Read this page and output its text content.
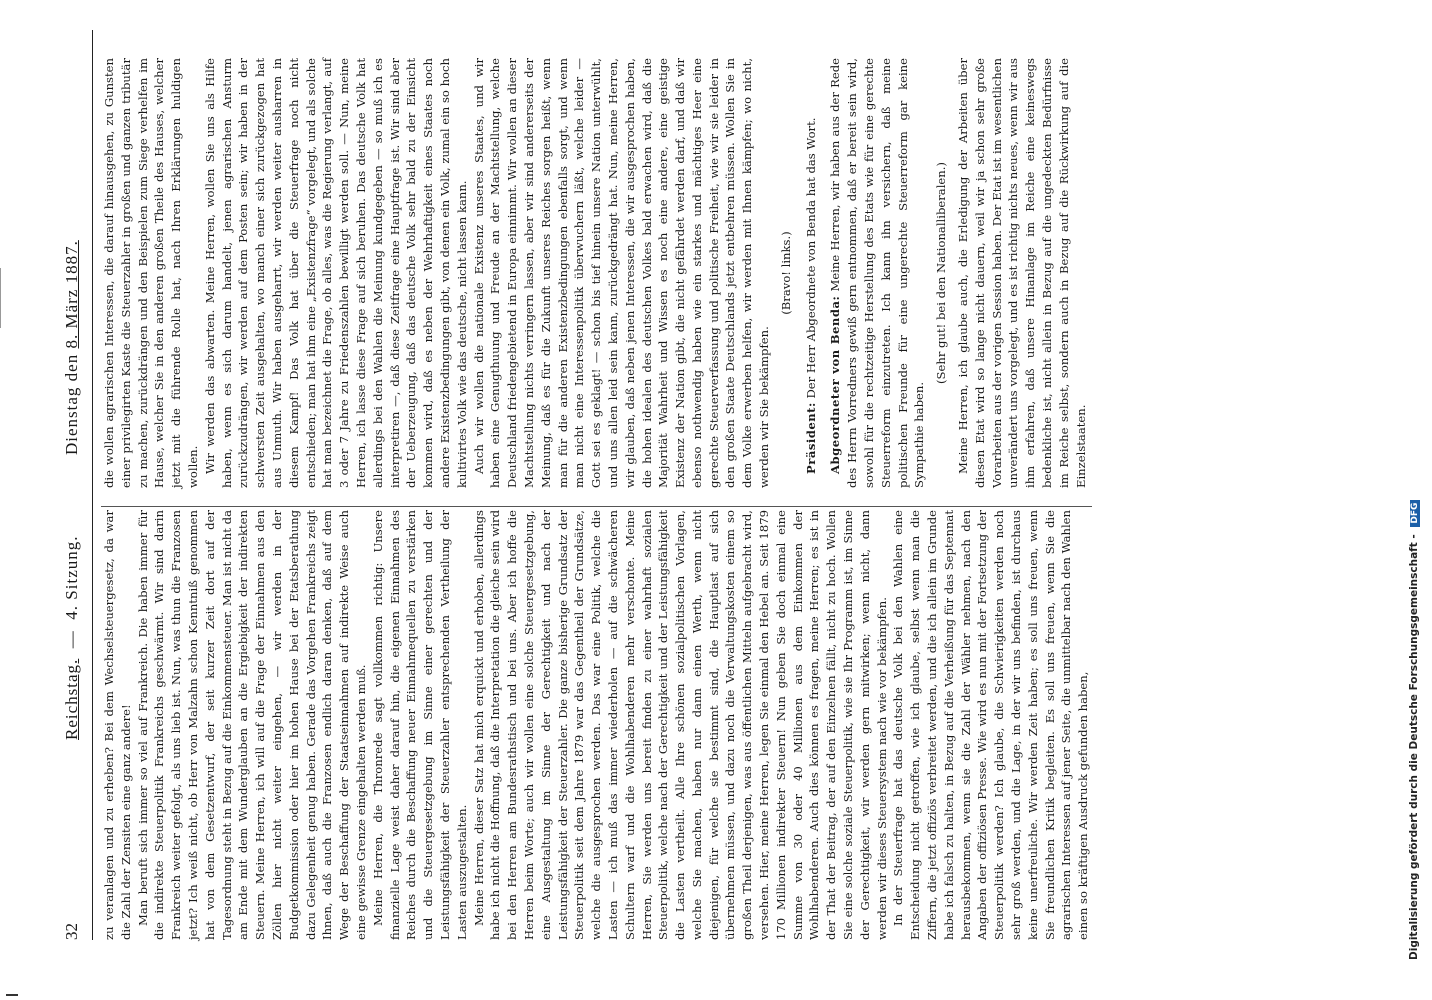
32
Reichstag.  —  4. Sitzung.
Dienstag den 8. März 1887.

zu veranlagen und zu erheben? Bei dem Wechselsteuergesetz, da war die Zahl der Zensiten eine ganz andere! Man beruft sich immer so viel auf Frankreich. Die haben immer für die indirekte Steuerpolitik Frankreichs geschwärmt. Wir sind darin Frankreich weiter gefolgt, als uns lieb ist. Nun, was thun die Franzosen jetzt? Ich weiß nicht, ob Herr von Malzahn schon Kenntniß genommen hat von dem Gesetzentwurf, der seit kurzer Zeit dort auf der Tagesordnung steht in Bezug auf die Einkommensteuer. Man ist nicht da am Ende mit dem Wunderglauben an die Ergiebigkeit der indirekten Steuern. Meine Herren, ich will auf die Frage der Einnahmen aus den Zöllen hier nicht weiter eingehen, — wir werden in der Budgetkommission oder hier im hohen Hause bei der Etatsberathung dazu Gelegenheit genug haben. Gerade das Vorgehen Frankreichs zeigt Ihnen, daß auch die Franzosen endlich daran denken, daß auf dem Wege der Beschaffung der Staatseinnahmen auf indirekte Weise auch eine gewisse Grenze eingehalten werden muß. Meine Herren, die Thronrede sagt vollkommen richtig: Unsere finanzielle Lage weist daher darauf hin, die eigenen Einnahmen des Reiches durch die Beschaffung neuer Einnahmequellen zu verstärken und die Steuergesetzgebung im Sinne einer gerechten und der Leistungsfähigkeit der Steuerzahler entsprechenden Vertheilung der Lasten auszugestalten. Meine Herren, dieser Satz hat mich erquickt und erhoben, allerdings habe ich nicht die Hoffnung, daß die Interpretation die gleiche sein wird bei den Herren am Bundesrathstisch und bei uns. Aber ich hoffe die Herren beim Worte; auch wir wollen eine solche Steuergesetzgebung, eine Ausgestaltung im Sinne der Gerechtigkeit und nach der Leistungsfähigkeit der Steuerzahler. Die ganze bisherige Grundsatz der Steuerpolitik seit dem Jahre 1879 war das Gegentheil der Grundsätze, welche die ausgesprochen werden. Das war eine Politik, welche die Lasten — ich muß das immer wiederholen — auf die schwächeren Schultern warf und die Wohlhabenderen mehr verschonte. Meine Herren, Sie werden uns bereit finden zu einer wahrhaft sozialen Steuerpolitik, welche nach der Gerechtigkeit und der Leistungsfähigkeit die Lasten vertheilt. Alle Ihre schönen sozialpolitischen Vorlagen, welche Sie machen, haben nur dann einen Werth, wenn nicht diejenigen, für welche sie bestimmt sind, die Hauptlast auf sich übernehmen müssen, und dazu noch die Verwaltungskosten einem so großen Theil derjenigen, was aus öffentlichen Mitteln aufgebracht wird, versehen. Hier, meine Herren, legen Sie einmal den Hebel an. Seit 1879 170 Millionen indirekter Steuern! Nun geben Sie doch einmal eine Summe von 30 oder 40 Millionen aus dem Einkommen der Wohlhabenderen. Auch dies können es fragen, meine Herren; es ist in der That der Beitrag, der auf den Einzelnen fällt, nicht zu hoch. Wollen Sie eine solche soziale Steuerpolitik, wie sie Ihr Programm ist, im Sinne der Gerechtigkeit, wir werden gern mitwirken; wenn nicht, dann werden wir dieses Steuersystem nach wie vor bekämpfen. In der Steuerfrage hat das deutsche Volk bei den Wahlen eine Entscheidung nicht getroffen, wie ich glaube, selbst wenn man die Ziffern, die jetzt offiziös verbreitet werden, und die ich allein im Grunde habe ich falsch zu halten, in Bezug auf die Verheißung für das Septennat herausbekommen, wenn sie die Zahl der Wähler nehmen, nach den Angaben der offiziösen Presse. Wie wird es nun mit der Fortsetzung der Steuerpolitik werden? Ich glaube, die Schwierigkeiten werden noch sehr groß werden, und die Lage, in der wir uns befinden, ist durchaus keine unerfreuliche. Wir werden Zeit haben; es soll uns freuen, wenn Sie freundlichen Kritik begleiten. Es soll uns freuen, wenn Sie die agrarischen Interessen auf jener Seite, die unmittelbar nach den Wahlen einen so kräftigen Ausdruck gefunden haben,

die wollen agrarischen Interessen, die darauf hinausgehen, zu Gunsten einer privilegirten Kaste die Steuerzahler in großen und ganzen tributär zu machen, zurückdrängen und den Beispielen zum Siege verhelfen im Hause, welcher Sie in den anderen großen Theile des Hauses, welcher jetzt mit die führende Rolle hat, nach Ihren Erklärungen huldigen wollen. Wir werden das abwarten. Meine Herren, wollen Sie uns als Hilfe haben, wenn es sich darum handelt, jenen agrarischen Ansturm zurückzudrängen, wir werden auf dem Posten sein; wir haben in der schwersten Zeit ausgehalten, wo manch einer sich zurückgezogen hat aus Unmuth. Wir haben ausgeharrt, wir werden weiter ausharren in diesem Kampf! Das Volk hat über die Steuerfrage noch nicht entschieden; man hat ihm eine „Existenzfrage“ vorgelegt, und als solche hat man bezeichnet die Frage, ob alles, was die Regierung verlangt, auf 3 oder 7 Jahre zu Friedenszahlen bewilligt werden soll. — Nun, meine Herren, ich lasse diese Frage auf sich beruhen. Das deutsche Volk hat allerdings bei den Wahlen die Meinung kundgegeben — so muß ich es interpretiren —, daß diese Zeitfrage eine Hauptfrage ist. Wir sind aber der Ueberzeugung, daß das deutsche Volk sehr bald zu der Einsicht kommen wird, daß es neben der Wehrhaftigkeit eines Staates noch andere Existenzbedingungen gibt, von denen ein Volk, zumal ein so hoch kultivirtes Volk wie das deutsche, nicht lassen kann. Auch wir wollen die nationale Existenz unseres Staates, und wir haben eine Genugthuung und Freude an der Machtstellung, welche Deutschland friedengebietend in Europa einnimmt. Wir wollen an dieser Machtstellung nichts verringern lassen, aber wir sind andererseits der Meinung, daß es für die Zukunft unseres Reiches sorgen heißt, wenn man für die anderen Existenzbedingungen ebenfalls sorgt, und wenn man nicht eine Interessenpolitik überwuchern läßt, welche leider — Gott sei es geklagt! — schon bis tief hinein unsere Nation unterwühlt, und uns allen leid sein kann, zurückgedrängt hat. Nun, meine Herren, wir glauben, daß neben jenen Interessen, die wir ausgesprochen haben, die hohen idealen des deutschen Volkes bald erwachen wird, daß die Majorität Wahrheit und Wissen es noch eine andere, eine geistige Existenz der Nation gibt, die nicht gefährdet werden darf, und daß wir ebenso nothwendig haben wie ein starkes und mächtiges Heer eine gerechte Steuerverfassung und politische Freiheit, wie wir sie leider in den großen Staate Deutschlands jetzt entbehren müssen. Wollen Sie in dem Volke erwerben helfen, wir werden mit Ihnen kämpfen; wo nicht, werden wir Sie bekämpfen.

(Bravo! links.)

Präsident: Der Herr Abgeordnete von Benda hat das Wort. Abgeordneter von Benda: Meine Herren, wir haben aus der Rede des Herrn Vorredners gewiß gern entnommen, daß er bereit sein wird, sowohl für die rechtzeitige Herstellung des Etats wie für eine gerechte Steuerreform einzutreten. Ich kann ihn versichern, daß meine politischen Freunde für eine ungerechte Steuerreform gar keine Sympathie haben.

(Sehr gut! bei den Nationalliberalen.) Meine Herren, ich glaube auch, die Erledigung der Arbeiten über diesen Etat wird so lange nicht dauern, weil wir ja schon sehr große Vorarbeiten aus der vorigen Session haben. Der Etat ist im wesentlichen unverändert uns vorgelegt, und es ist richtig nichts neues, wenn wir aus ihm erfahren, daß unsere Hinanlage im Reiche eine keineswegs bedenkliche ist, nicht allein in Bezug auf die ungedeckten Bedürfnisse im Reiche selbst, sondern auch in Bezug auf die Rückwirkung auf die Einzelstaaten.

Digitalisierung gefördert durch die Deutsche Forschungsgemeinschaft - DFG
